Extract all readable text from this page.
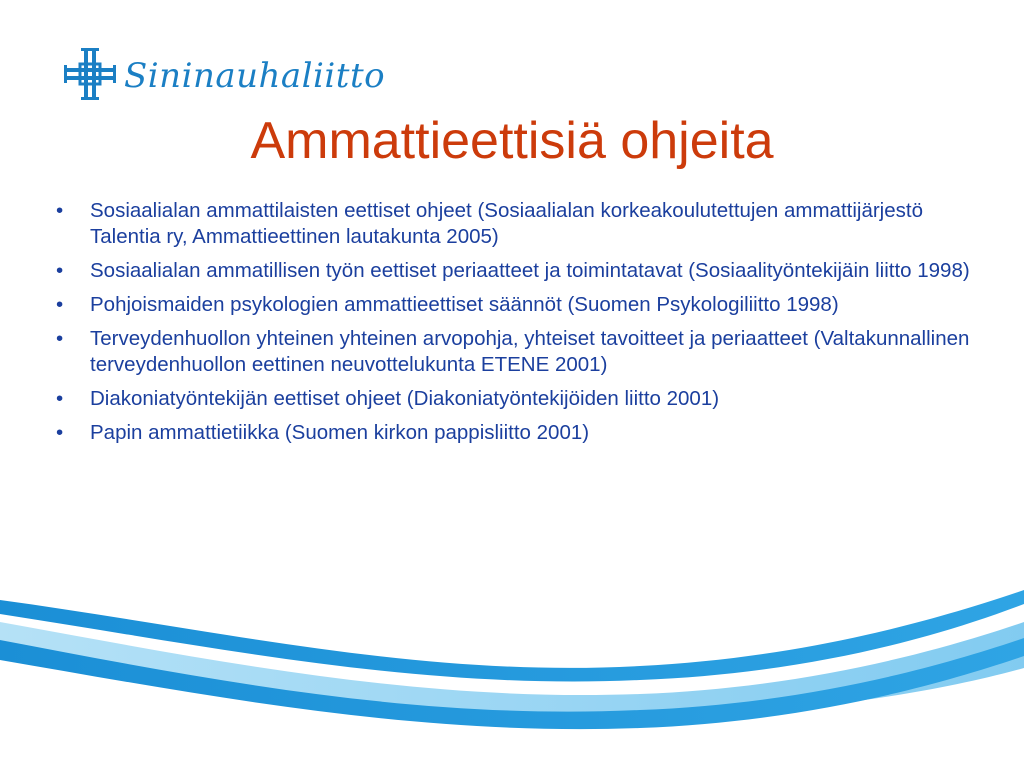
Sininauhaliitto
Ammattieettisiä ohjeita
• Sosiaalialan ammattilaisten eettiset ohjeet (Sosiaalialan korkeakoulutettujen ammattijärjestö Talentia ry, Ammattieettinen lautakunta 2005)
• Sosiaalialan ammatillisen työn eettiset periaatteet ja toimintatavat (Sosiaalityöntekijäin liitto 1998)
• Pohjoismaiden psykologien ammattieettiset säännöt (Suomen Psykologiliitto 1998)
• Terveydenhuollon yhteinen yhteinen arvopohja, yhteiset tavoitteet ja periaatteet (Valtakunnallinen terveydenhuollon eettinen neuvottelukunta ETENE 2001)
• Diakoniatyöntekijän eettiset ohjeet (Diakoniatyöntekijöiden liitto 2001)
• Papin ammattietiikka (Suomen kirkon pappisliitto 2001)
